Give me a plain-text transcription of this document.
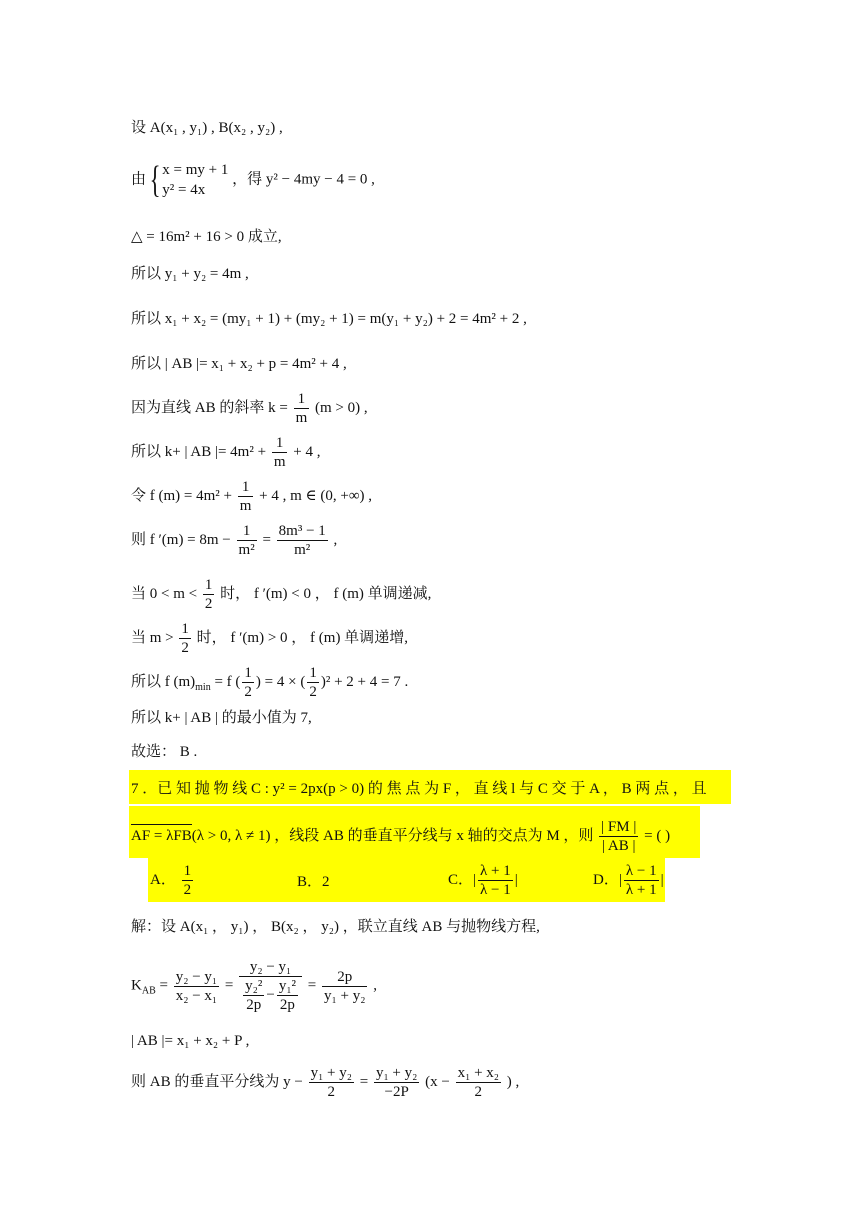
设 A(x₁ , y₁) , B(x₂ , y₂) ,
由{ x = my + 1
y² = 4x
，得 y² − 4my − 4 = 0 ,
△ = 16m² + 16 > 0 成立,
所以 y₁ + y₂ = 4m ,
所以 x₁ + x₂ = (my₁ + 1) + (my₂ + 1) = m(y₁ + y₂) + 2 = 4m² + 2 ,
所以 | AB |= x₁ + x₂ + p = 4m² + 4 ,
因为直线 AB 的斜率 $k = \frac{1}{m} (m > 0)$ ,
所以 k+ | AB |= $4m^2 + \frac{1}{m} + 4$ ,
令 f $(m) = 4m^2 + \frac{1}{m} + 4$ , m ∈ (0, +∞) ,
则 f $'(m) = 8m - \frac{1}{\text{m²}} = \frac{\text{8m³ − 1}}{\text{m²}}$ ,
当 $0 < m < \frac{1}{2}$ 时， f ′(m) < 0 ， f (m) 单调递减,
当 $m > \frac{1}{2}$ 时， f ′(m) > 0 ， f (m) 单调递增,
所以 f $(m)_{min} = f$ ( $\frac{1}{2}$ ) = 4 × ( $\frac{1}{2} )^2 + 2 + 4 = 7$ .
所以 k+ | AB | 的最小值为 7,
故选： B .
7 ．已 知 抛 物 线 C : y² = 2px(p > 0) 的 焦 点 为 F ， 直 线 l 与 C 交 于 A ， B 两 点 ， 且
AF = λFB(λ > 0, λ ≠ 1) ，线段 AB 的垂直平分线与 x 轴的交点为 M ，则 $\frac{| FM |}{| AB |}$ = ( )
A． $\frac{1}{2}$	B．2	C．| $\frac{\lambda + 1}{\lambda - 1}$ |	D．| $\frac{\lambda - 1}{\lambda + 1}$ |
解：设 A(x₁ ， y₁) ， B(x₂ ， y₂) ，联立直线 AB 与抛物线方程,
$K_{AB} = \frac{\text{y₂ − y₁}}{\text{x₂ − x₁}} = \frac{\text{y₂ − y₁}}{\frac{\text{y₂²}}{2p} - \frac{\text{y₁²}}{2p}} = \frac{2p}{\text{y₁ + y₂}}$ ,
| AB |= x₁ + x₂ + P ,
则 AB 的垂直平分线为 $y - \frac{\text{y₁ + y₂}}{2} = \frac{\text{y₁ + y₂}}{-2P} (x - \frac{\text{x₁ + x₂}}{2}$ ) ,
